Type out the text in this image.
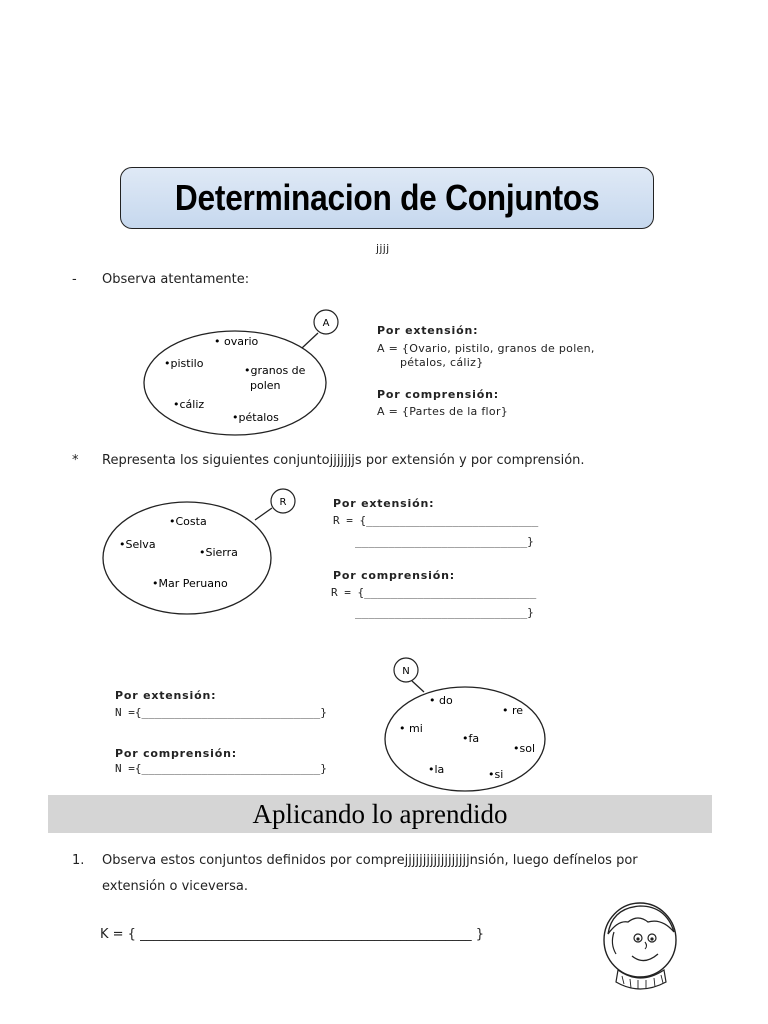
Determinacion de Conjuntos
jjjj
- Observa atentamente:
A
• ovario
•pistilo
•granos de
polen
•cáliz
•pétalos
Por extensión:
A = {Ovario, pistilo, granos de polen,
pétalos, cáliz}
Por comprensión:
A = {Partes de la flor}
* Representa los siguientes conjuntojjjjjjjs por extensión y por comprensión.
R
•Costa
•Selva
•Sierra
•Mar Peruano
Por extensión:
R = {__________________________
__________________________}
Por comprensión:
R = {__________________________
__________________________}
Por extensión:
N ={___________________________}
Por comprensión:
N ={___________________________}
N
• do
• re
• mi
•fa
•sol
•la	•si
Aplicando lo aprendido
1. Observa estos conjuntos definidos por comprejjjjjjjjjjjjjjjjjjnsión, luego defínelos por
extensión o viceversa.
K = { ___________________________________________________ }
